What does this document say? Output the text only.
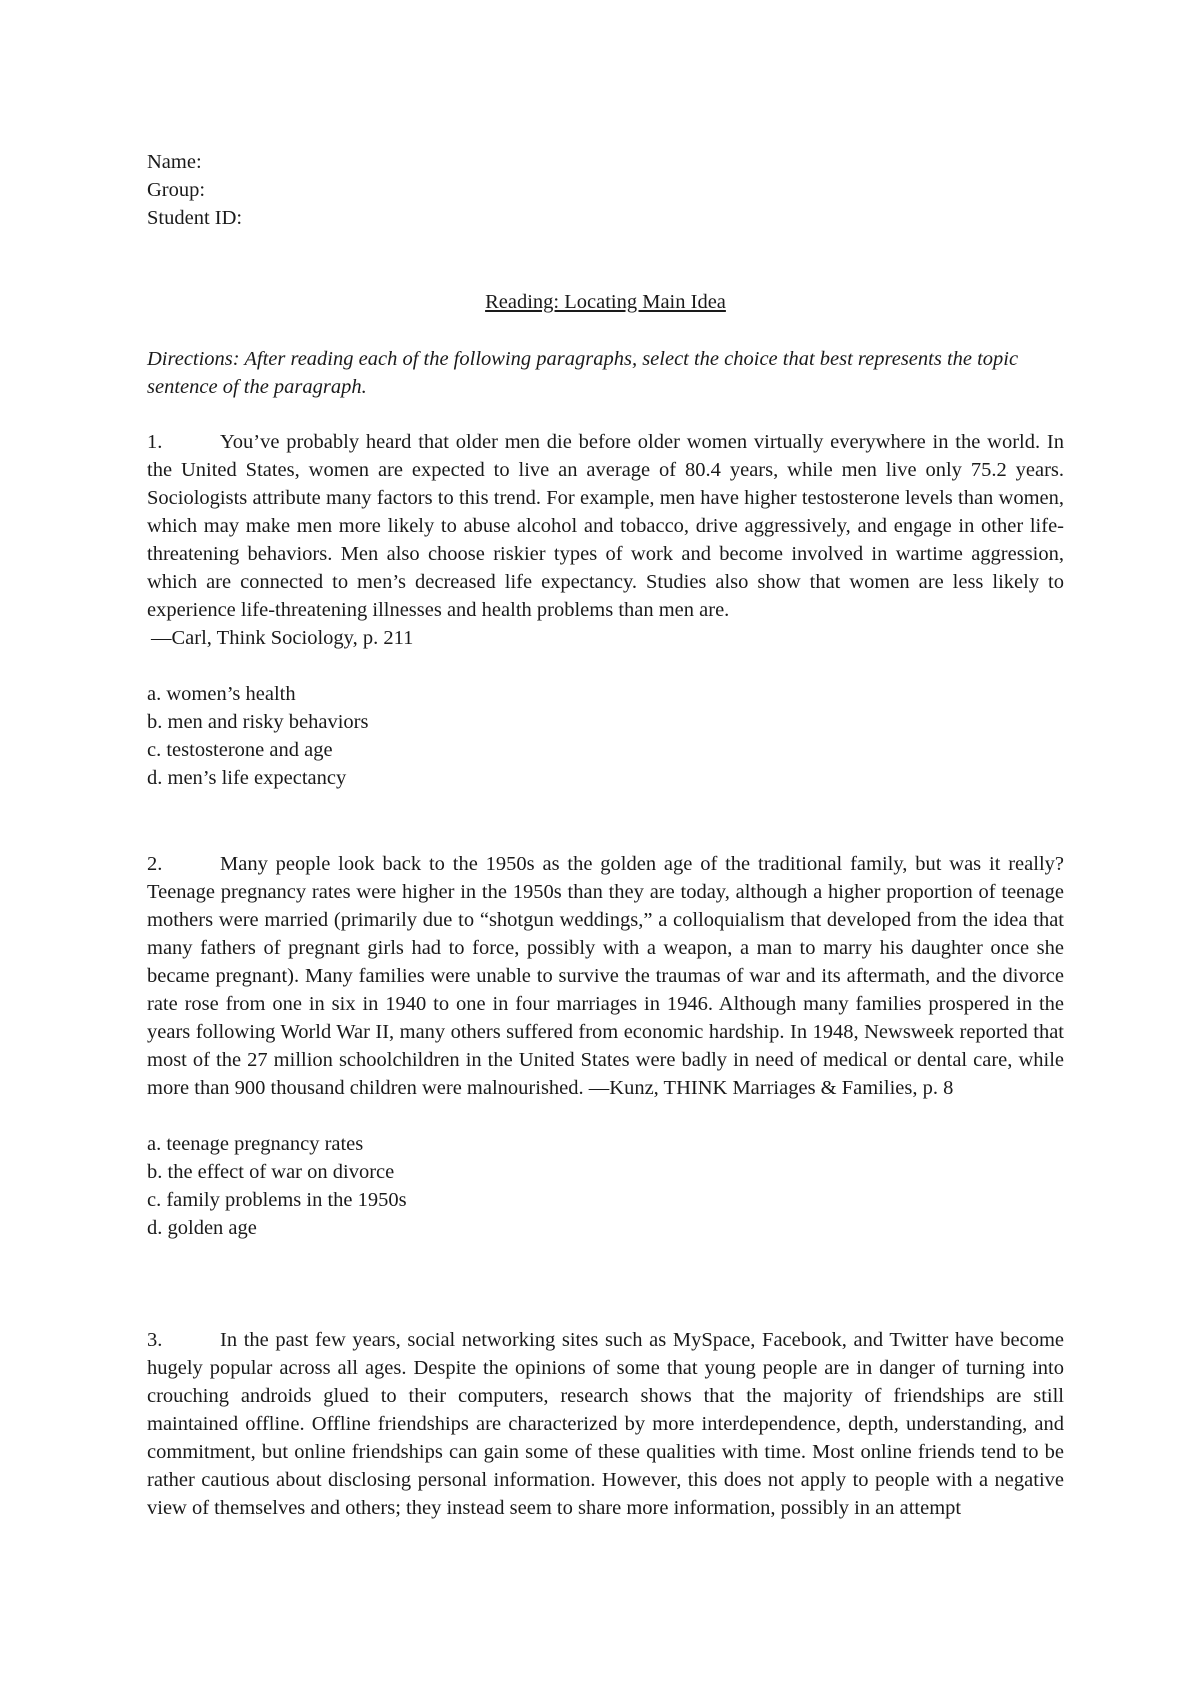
Name:

Group:

Student ID:

Reading: Locating Main Idea

Directions: After reading each of the following paragraphs, select the choice that best represents the topic sentence of the paragraph.

1.	You’ve probably heard that older men die before older women virtually everywhere in the world. In the United States, women are expected to live an average of 80.4 years, while men live only 75.2 years. Sociologists attribute many factors to this trend. For example, men have higher testosterone levels than women, which may make men more likely to abuse alcohol and tobacco, drive aggressively, and engage in other life-threatening behaviors. Men also choose riskier types of work and become involved in wartime aggression, which are connected to men’s decreased life expectancy. Studies also show that women are less likely to experience life-threatening illnesses and health problems than men are.

—Carl, Think Sociology, p. 211

a. women’s health
b. men and risky behaviors
c. testosterone and age
d. men’s life expectancy

2.	Many people look back to the 1950s as the golden age of the traditional family, but was it really? Teenage pregnancy rates were higher in the 1950s than they are today, although a higher proportion of teenage mothers were married (primarily due to “shotgun weddings,” a colloquialism that developed from the idea that many fathers of pregnant girls had to force, possibly with a weapon, a man to marry his daughter once she became pregnant). Many families were unable to survive the traumas of war and its aftermath, and the divorce rate rose from one in six in 1940 to one in four marriages in 1946. Although many families prospered in the years following World War II, many others suffered from economic hardship. In 1948, Newsweek reported that most of the 27 million schoolchildren in the United States were badly in need of medical or dental care, while more than 900 thousand children were malnourished. —Kunz, THINK Marriages & Families, p. 8

a. teenage pregnancy rates
b. the effect of war on divorce
c. family problems in the 1950s
d. golden age

3.	In the past few years, social networking sites such as MySpace, Facebook, and Twitter have become hugely popular across all ages. Despite the opinions of some that young people are in danger of turning into crouching androids glued to their computers, research shows that the majority of friendships are still maintained offline. Offline friendships are characterized by more interdependence, depth, understanding, and commitment, but online friendships can gain some of these qualities with time. Most online friends tend to be rather cautious about disclosing personal information. However, this does not apply to people with a negative view of themselves and others; they instead seem to share more information, possibly in an attempt
